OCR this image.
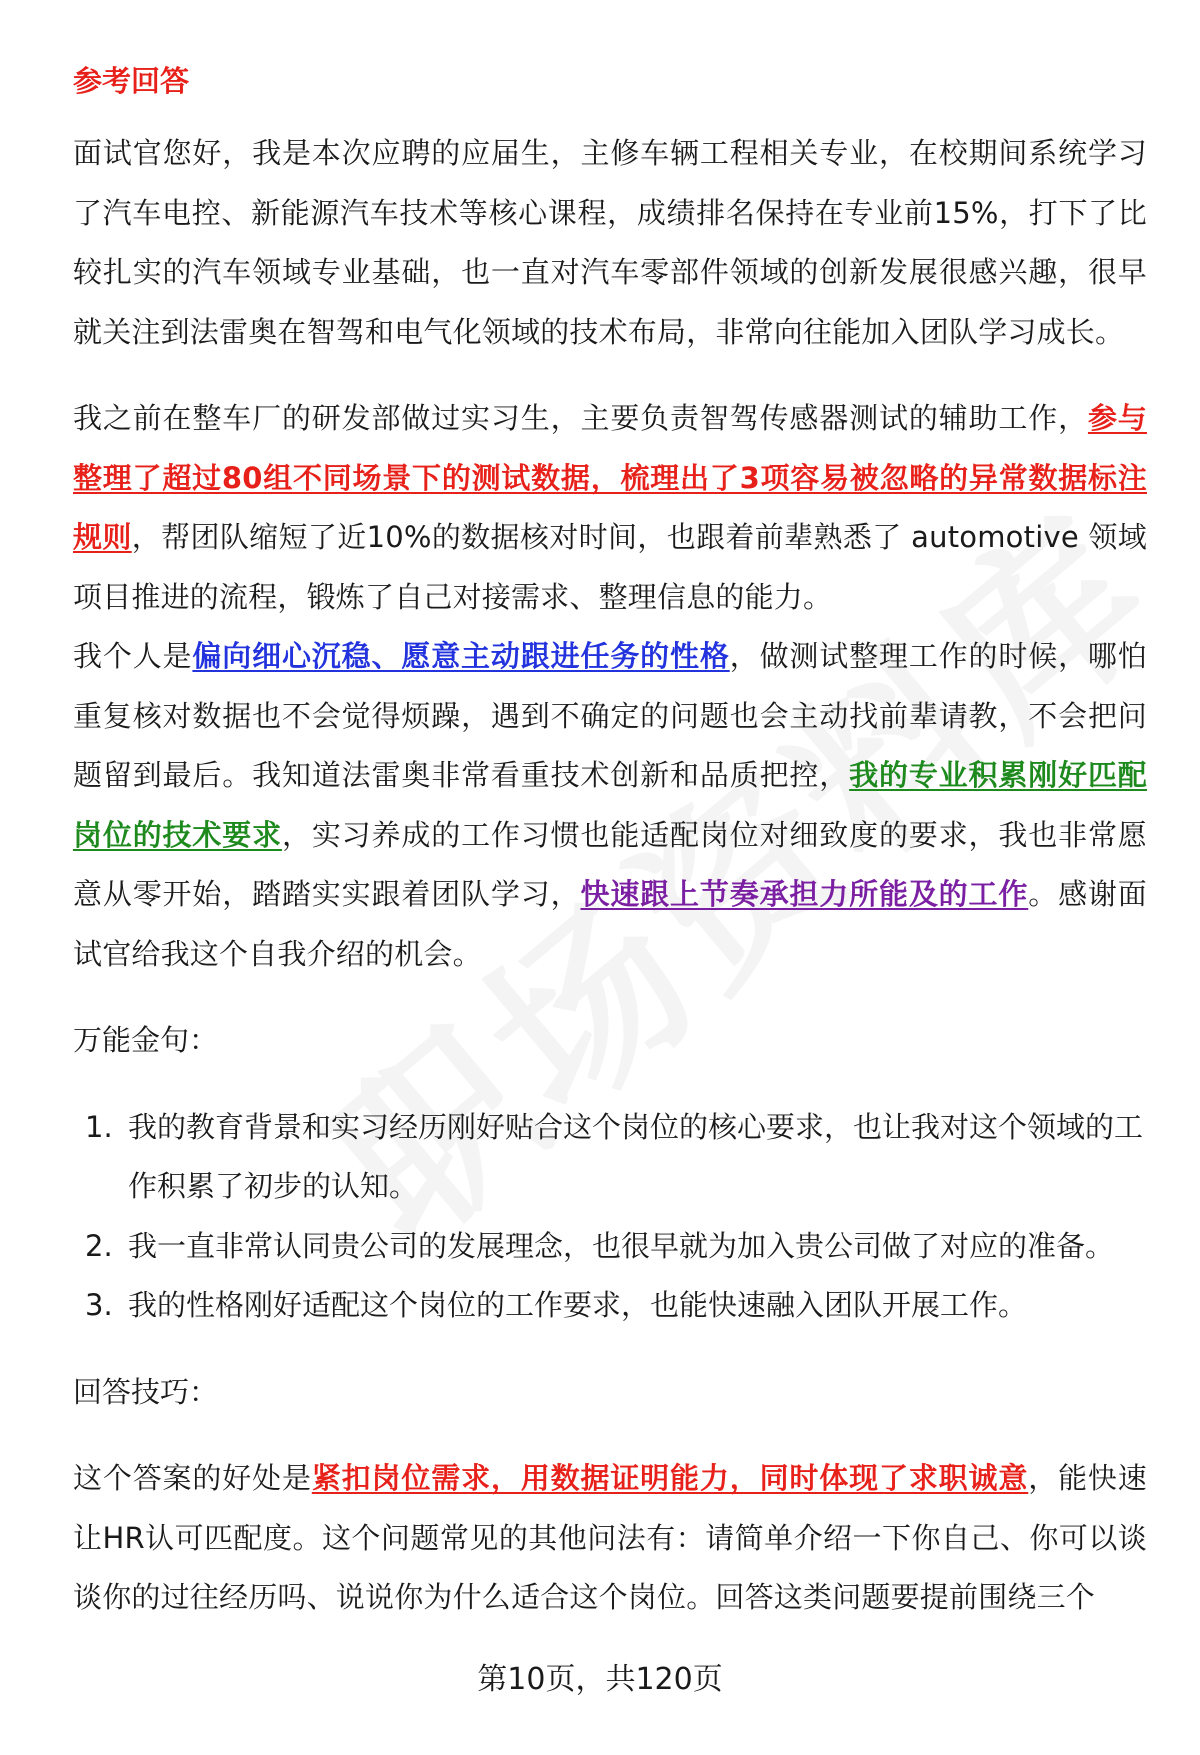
参考回答

面试官您好，我是本次应聘的应届生，主修车辆工程相关专业，在校期间系统学习了汽车电控、新能源汽车技术等核心课程，成绩排名保持在专业前15%，打下了比较扎实的汽车领域专业基础，也一直对汽车零部件领域的创新发展很感兴趣，很早就关注到法雷奥在智驾和电气化领域的技术布局，非常向往能加入团队学习成长。

我之前在整车厂的研发部做过实习生，主要负责智驾传感器测试的辅助工作，参与整理了超过80组不同场景下的测试数据，梳理出了3项容易被忽略的异常数据标注规则，帮团队缩短了近10%的数据核对时间，也跟着前辈熟悉了 automotive 领域项目推进的流程，锻炼了自己对接需求、整理信息的能力。

我个人是偏向细心沉稳、愿意主动跟进任务的性格，做测试整理工作的时候，哪怕重复核对数据也不会觉得烦躁，遇到不确定的问题也会主动找前辈请教，不会把问题留到最后。我知道法雷奥非常看重技术创新和品质把控，我的专业积累刚好匹配岗位的技术要求，实习养成的工作习惯也能适配岗位对细致度的要求，我也非常愿意从零开始，踏踏实实跟着团队学习，快速跟上节奏承担力所能及的工作。感谢面试官给我这个自我介绍的机会。

万能金句：

1. 我的教育背景和实习经历刚好贴合这个岗位的核心要求，也让我对这个领域的工作积累了初步的认知。
2. 我一直非常认同贵公司的发展理念，也很早就为加入贵公司做了对应的准备。
3. 我的性格刚好适配这个岗位的工作要求，也能快速融入团队开展工作。

回答技巧：

这个答案的好处是紧扣岗位需求，用数据证明能力，同时体现了求职诚意，能快速让HR认可匹配度。这个问题常见的其他问法有：请简单介绍一下你自己、你可以谈谈你的过往经历吗、说说你为什么适合这个岗位。回答这类问题要提前围绕三个

第10页，共120页
